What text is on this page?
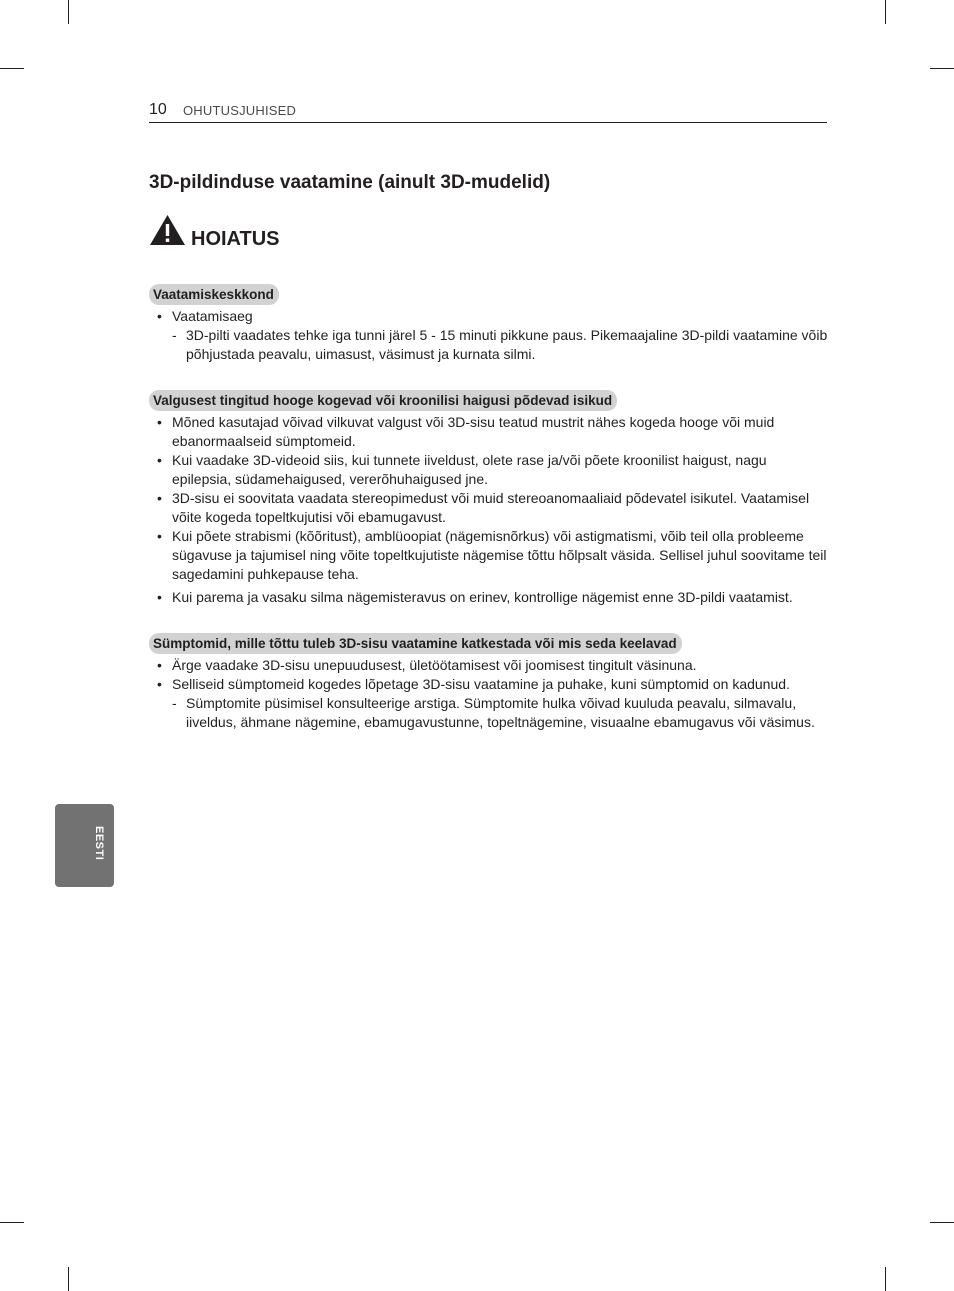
10 OHUTUSJUHISED
3D-pildinduse vaatamine (ainult 3D-mudelid)
HOIATUS
Vaatamiskeskkond
• Vaatamisaeg
- 3D-pilti vaadates tehke iga tunni järel 5 - 15 minuti pikkune paus. Pikemaajaline 3D-pildi vaatamine võib põhjustada peavalu, uimasust, väsimust ja kurnata silmi.
Valgusest tingitud hooge kogevad või kroonilisi haigusi põdevad isikud
• Mõned kasutajad võivad vilkuvat valgust või 3D-sisu teatud mustrit nähes kogeda hooge või muid ebanormaalseid sümptomeid.
• Kui vaadake 3D-videoid siis, kui tunnete iiveldust, olete rase ja/või põete kroonilist haigust, nagu epilepsia, südamehaigused, vererõhuhaigused jne.
• 3D-sisu ei soovitata vaadata stereopimedust või muid stereoanomaaliaid põdevatel isikutel. Vaatamisel võite kogeda topeltkujutisi või ebamugavust.
• Kui põete strabismi (kõõritust), amblüoopiat (nägemisnõrkus) või astigmatismi, võib teil olla probleeme sügavuse ja tajumisel ning võite topeltkujutiste nägemise tõttu hõlpsalt väsida. Sellisel juhul soovitame teil sagedamini puhkepause teha.
• Kui parema ja vasaku silma nägemisteravus on erinev, kontrollige nägemist enne 3D-pildi vaatamist.
Sümptomid, mille tõttu tuleb 3D-sisu vaatamine katkestada või mis seda keelavad
• Ärge vaadake 3D-sisu unepuudusest, ületöötamisest või joomisest tingitult väsinuna.
• Selliseid sümptomeid kogedes lõpetage 3D-sisu vaatamine ja puhake, kuni sümptomid on kadunud.
- Sümptomite püsimisel konsulteerige arstiga. Sümptomite hulka võivad kuuluda peavalu, silmavalu, iiveldus, ähmane nägemine, ebamugavustunne, topeltnägemine, visuaalne ebamugavus või väsimus.
EESTI
